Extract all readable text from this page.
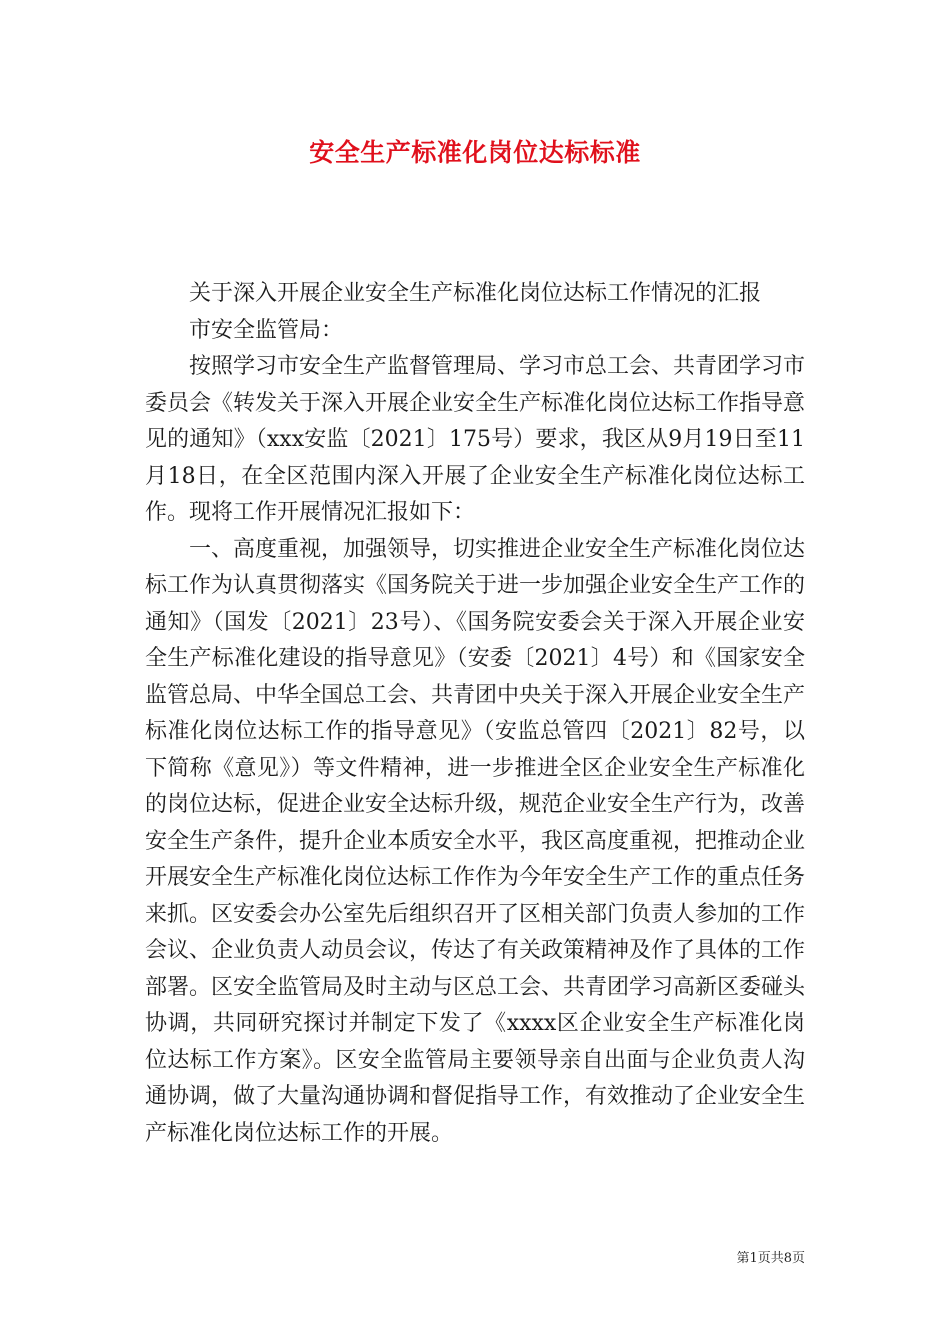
安全生产标准化岗位达标标准

关于深入开展企业安全生产标准化岗位达标工作情况的汇报

市安全监管局：

按照学习市安全生产监督管理局、学习市总工会、共青团学习市委员会《转发关于深入开展企业安全生产标准化岗位达标工作指导意见的通知》（xxx安监〔2021〕175号）要求，我区从9月19日至11月18日，在全区范围内深入开展了企业安全生产标准化岗位达标工作。现将工作开展情况汇报如下：

一、高度重视，加强领导，切实推进企业安全生产标准化岗位达标工作为认真贯彻落实《国务院关于进一步加强企业安全生产工作的通知》（国发〔2021〕23号）、《国务院安委会关于深入开展企业安全生产标准化建设的指导意见》（安委〔2021〕4号）和《国家安全监管总局、中华全国总工会、共青团中央关于深入开展企业安全生产标准化岗位达标工作的指导意见》（安监总管四〔2021〕82号，以下简称《意见》）等文件精神，进一步推进全区企业安全生产标准化的岗位达标，促进企业安全达标升级，规范企业安全生产行为，改善安全生产条件，提升企业本质安全水平，我区高度重视，把推动企业开展安全生产标准化岗位达标工作作为今年安全生产工作的重点任务来抓。区安委会办公室先后组织召开了区相关部门负责人参加的工作会议、企业负责人动员会议，传达了有关政策精神及作了具体的工作部署。区安全监管局及时主动与区总工会、共青团学习高新区委碰头协调，共同研究探讨并制定下发了《xxxx区企业安全生产标准化岗位达标工作方案》。区安全监管局主要领导亲自出面与企业负责人沟通协调，做了大量沟通协调和督促指导工作，有效推动了企业安全生产标准化岗位达标工作的开展。

第1页共8页
